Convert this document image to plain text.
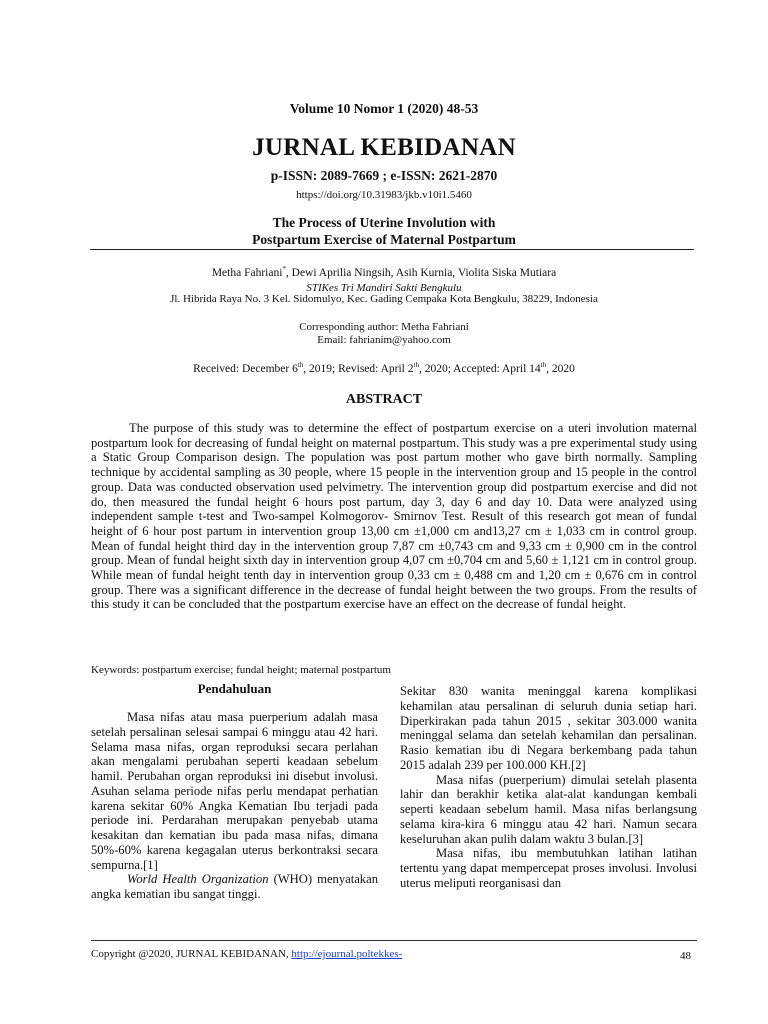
Volume 10 Nomor 1 (2020) 48-53
JURNAL KEBIDANAN
p-ISSN: 2089-7669 ; e-ISSN: 2621-2870
https://doi.org/10.31983/jkb.v10i1.5460
The Process of Uterine Involution with
Postpartum Exercise of Maternal Postpartum
Metha Fahriani*, Dewi Aprilia Ningsih, Asih Kurnia, Violita Siska Mutiara
STIKes Tri Mandiri Sakti Bengkulu
Jl. Hibrida Raya No. 3 Kel. Sidomulyo, Kec. Gading Cempaka Kota Bengkulu, 38229, Indonesia
Corresponding author: Metha Fahriani
Email: fahrianim@yahoo.com
Received: December 6th, 2019; Revised: April 2th, 2020; Accepted: April 14th, 2020
ABSTRACT

The purpose of this study was to determine the effect of postpartum exercise on a uteri involution maternal postpartum look for decreasing of fundal height on maternal postpartum. This study was a pre experimental study using a Static Group Comparison design. The population was post partum mother who gave birth normally. Sampling technique by accidental sampling as 30 people, where 15 people in the intervention group and 15 people in the control group. Data was conducted observation used pelvimetry. The intervention group did postpartum exercise and did not do, then measured the fundal height 6 hours post partum, day 3, day 6 and day 10. Data were analyzed using independent sample t-test and Two-sampel Kolmogorov- Smirnov Test. Result of this research got mean of fundal height of 6 hour post partum in intervention group 13,00 cm ±1,000 cm and13,27 cm ± 1,033 cm in control group. Mean of fundal height third day in the intervention group 7,87 cm ±0,743 cm and 9,33 cm ± 0,900 cm in the control group. Mean of fundal height sixth day in intervention group 4,07 cm ±0,704 cm and 5,60 ± 1,121 cm in control group. While mean of fundal height tenth day in intervention group 0,33 cm ± 0,488 cm and 1,20 cm ± 0,676 cm in control group. There was a significant difference in the decrease of fundal height between the two groups. From the results of this study it can be concluded that the postpartum exercise have an effect on the decrease of fundal height.

Keywords: postpartum exercise; fundal height; maternal postpartum
Pendahuluan

Masa nifas atau masa puerperium adalah masa setelah persalinan selesai sampai 6 minggu atau 42 hari. Selama masa nifas, organ reproduksi secara perlahan akan mengalami perubahan seperti keadaan sebelum hamil. Perubahan organ reproduksi ini disebut involusi. Asuhan selama periode nifas perlu mendapat perhatian karena sekitar 60% Angka Kematian Ibu terjadi pada periode ini. Perdarahan merupakan penyebab utama kesakitan dan kematian ibu pada masa nifas, dimana 50%-60% karena kegagalan uterus berkontraksi secara sempurna.[1]

World Health Organization (WHO) menyatakan angka kematian ibu sangat tinggi.

Sekitar 830 wanita meninggal karena komplikasi kehamilan atau persalinan di seluruh dunia setiap hari. Diperkirakan pada tahun 2015 , sekitar 303.000 wanita meninggal selama dan setelah kehamilan dan persalinan. Rasio kematian ibu di Negara berkembang pada tahun 2015 adalah 239 per 100.000 KH.[2]

Masa nifas (puerperium) dimulai setelah plasenta lahir dan berakhir ketika alat-alat kandungan kembali seperti keadaan sebelum hamil. Masa nifas berlangsung selama kira-kira 6 minggu atau 42 hari. Namun secara keseluruhan akan pulih dalam waktu 3 bulan.[3]

Masa nifas, ibu membutuhkan latihan latihan tertentu yang dapat mempercepat proses involusi. Involusi uterus meliputi reorganisasi dan

Copyright @2020, JURNAL KEBIDANAN, http://ejournal.poltekkes-	48
